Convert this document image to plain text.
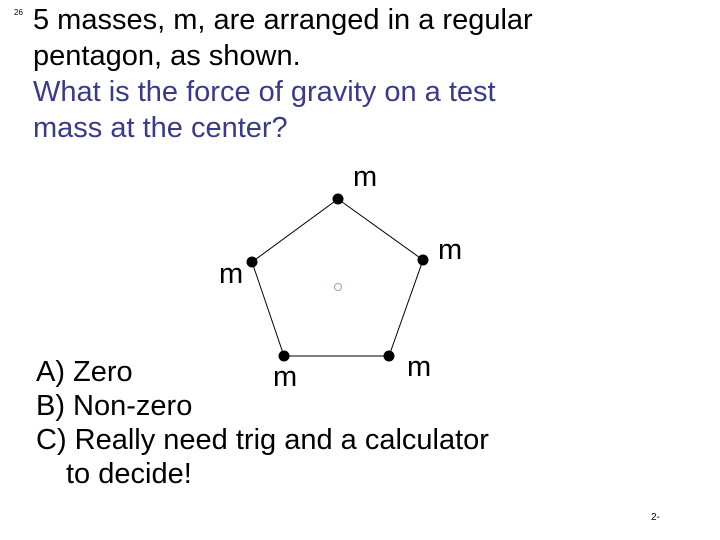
26 5 masses, m, are arranged in a regular
pentagon, as shown.
What is the force of gravity on a test
mass at the center?
m
m
m
m
m
A) Zero
B) Non-zero
C) Really need trig and a calculator
to decide!
2-
